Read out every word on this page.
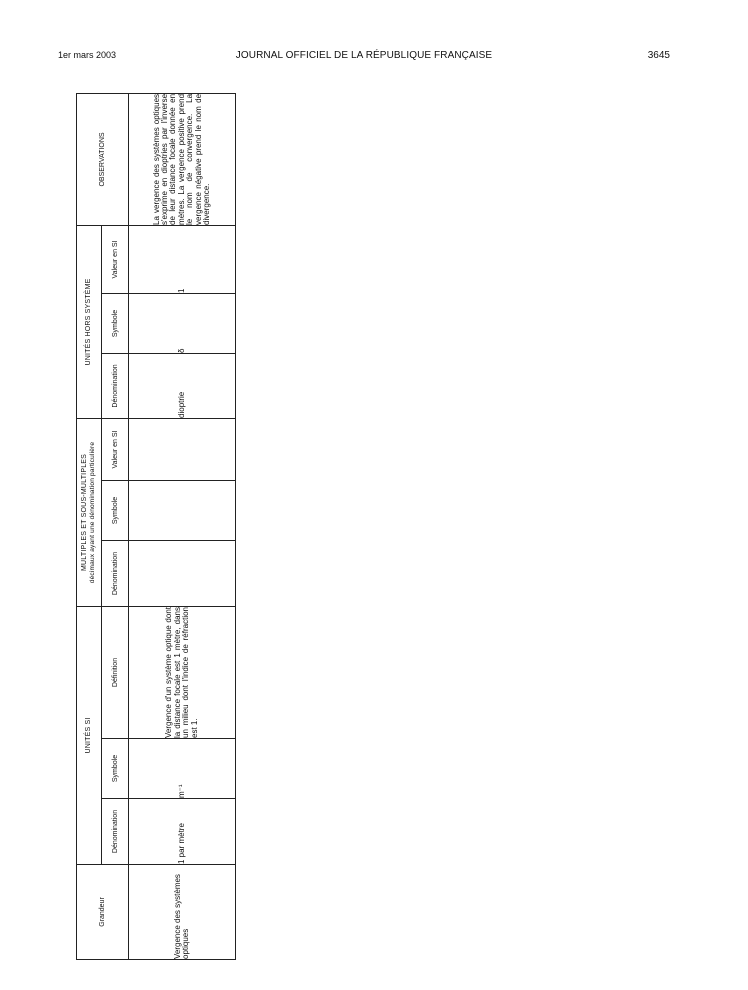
1er mars 2003	JOURNAL OFFICIEL DE LA RÉPUBLIQUE FRANÇAISE	3645
Grandeur	UNITÉS SI			MULTIPLES ET SOUS-MULTIPLES décimaux ayant une dénomination particulière			UNITÉS HORS SYSTÈME			OBSERVATIONS
	Dénomination	Symbole	Définition	Dénomination	Symbole	Valeur en SI	Dénomination	Symbole	Valeur en SI	
Vergence des systèmes optiques	1 par mètre	m⁻¹	Vergence d'un système optique dont la distance focale est 1 mètre, dans un milieu dont l'indice de réfraction est 1.				dioptrie	δ	1	La vergence des systèmes optiques s'exprime en dioptries par l'inverse de leur distance focale donnée en mètres. La vergence positive prend le nom de convergence. La vergence négative prend le nom de divergence.
